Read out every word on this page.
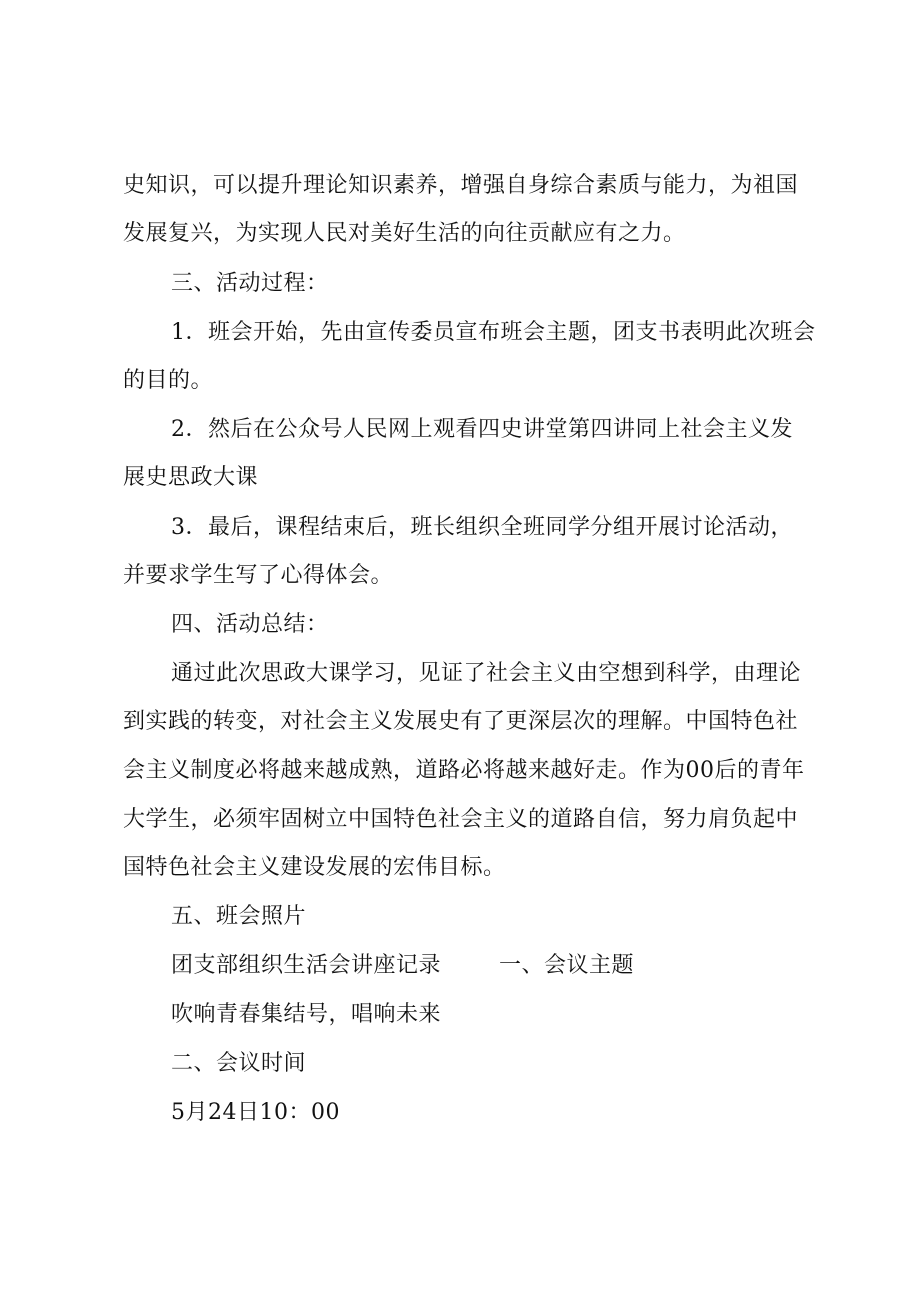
史知识，可以提升理论知识素养，增强自身综合素质与能力，为祖国
发展复兴，为实现人民对美好生活的向往贡献应有之力。
三、活动过程：
1．班会开始，先由宣传委员宣布班会主题，团支书表明此次班会
的目的。
2．然后在公众号人民网上观看四史讲堂第四讲同上社会主义发
展史思政大课
3．最后，课程结束后，班长组织全班同学分组开展讨论活动，
并要求学生写了心得体会。
四、活动总结：
通过此次思政大课学习，见证了社会主义由空想到科学，由理论
到实践的转变，对社会主义发展史有了更深层次的理解。中国特色社
会主义制度必将越来越成熟，道路必将越来越好走。作为00后的青年
大学生，必须牢固树立中国特色社会主义的道路自信，努力肩负起中
国特色社会主义建设发展的宏伟目标。
五、班会照片
团支部组织生活会讲座记录	一、会议主题
吹响青春集结号，唱响未来
二、会议时间
5月24日10：00
